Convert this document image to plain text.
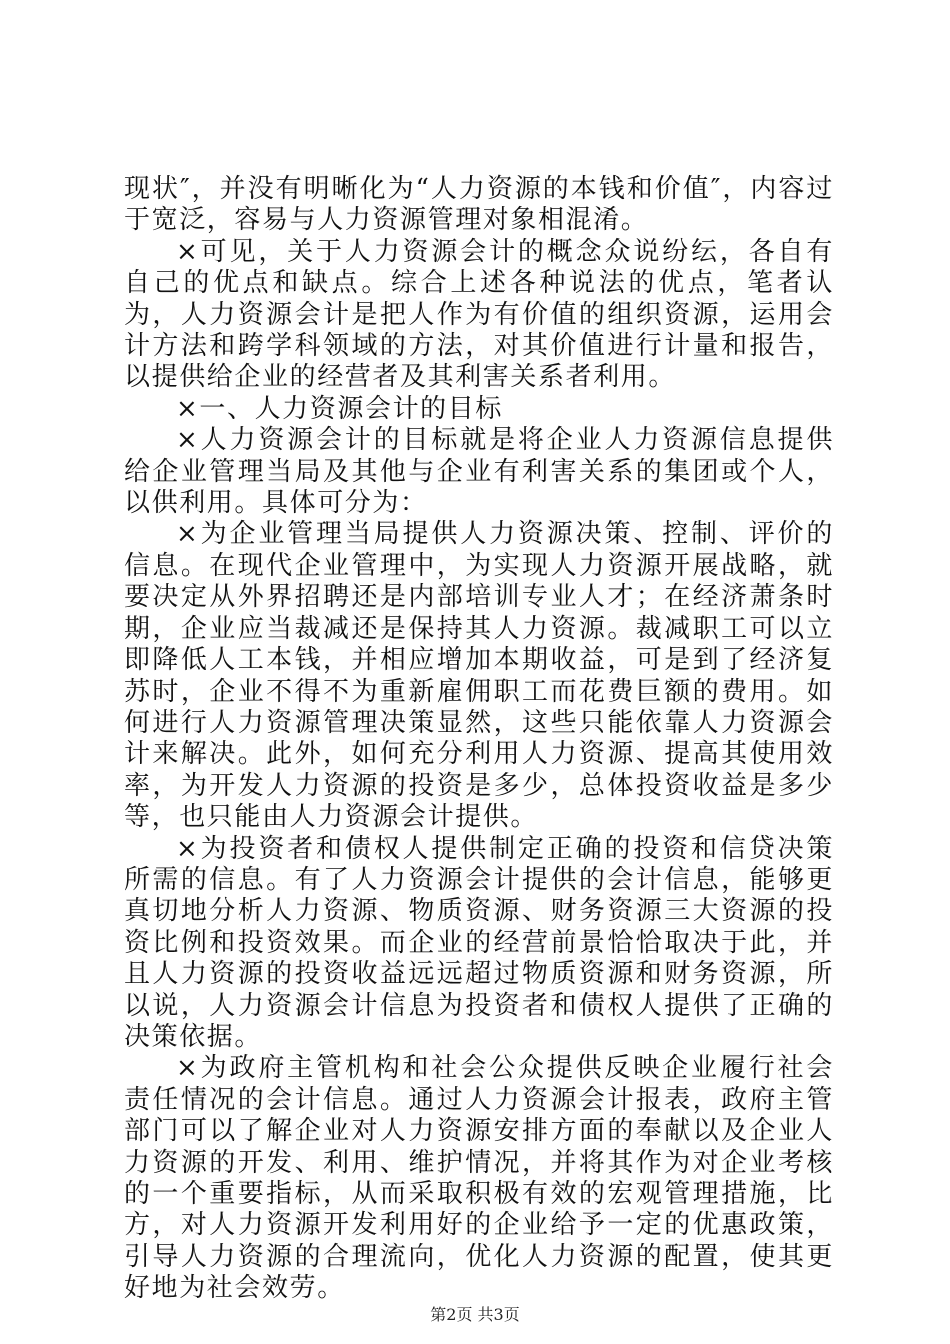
现状″，并没有明晰化为“人力资源的本钱和价值″，内容过于宽泛，容易与人力资源管理对象相混淆。

×可见，关于人力资源会计的概念众说纷纭，各自有自己的优点和缺点。综合上述各种说法的优点，笔者认为，人力资源会计是把人作为有价值的组织资源，运用会计方法和跨学科领域的方法，对其价值进行计量和报告，以提供给企业的经营者及其利害关系者利用。

×一、人力资源会计的目标

×人力资源会计的目标就是将企业人力资源信息提供给企业管理当局及其他与企业有利害关系的集团或个人，以供利用。具体可分为：

×为企业管理当局提供人力资源决策、控制、评价的信息。在现代企业管理中，为实现人力资源开展战略，就要决定从外界招聘还是内部培训专业人才；在经济萧条时期，企业应当裁减还是保持其人力资源。裁减职工可以立即降低人工本钱，并相应增加本期收益，可是到了经济复苏时，企业不得不为重新雇佣职工而花费巨额的费用。如何进行人力资源管理决策显然，这些只能依靠人力资源会计来解决。此外，如何充分利用人力资源、提高其使用效率，为开发人力资源的投资是多少，总体投资收益是多少等，也只能由人力资源会计提供。

×为投资者和债权人提供制定正确的投资和信贷决策所需的信息。有了人力资源会计提供的会计信息，能够更真切地分析人力资源、物质资源、财务资源三大资源的投资比例和投资效果。而企业的经营前景恰恰取决于此，并且人力资源的投资收益远远超过物质资源和财务资源，所以说，人力资源会计信息为投资者和债权人提供了正确的决策依据。

×为政府主管机构和社会公众提供反映企业履行社会责任情况的会计信息。通过人力资源会计报表，政府主管部门可以了解企业对人力资源安排方面的奉献以及企业人力资源的开发、利用、维护情况，并将其作为对企业考核的一个重要指标，从而采取积极有效的宏观管理措施，比方，对人力资源开发利用好的企业给予一定的优惠政策，引导人力资源的合理流向，优化人力资源的配置，使其更好地为社会效劳。

第2页 共3页
